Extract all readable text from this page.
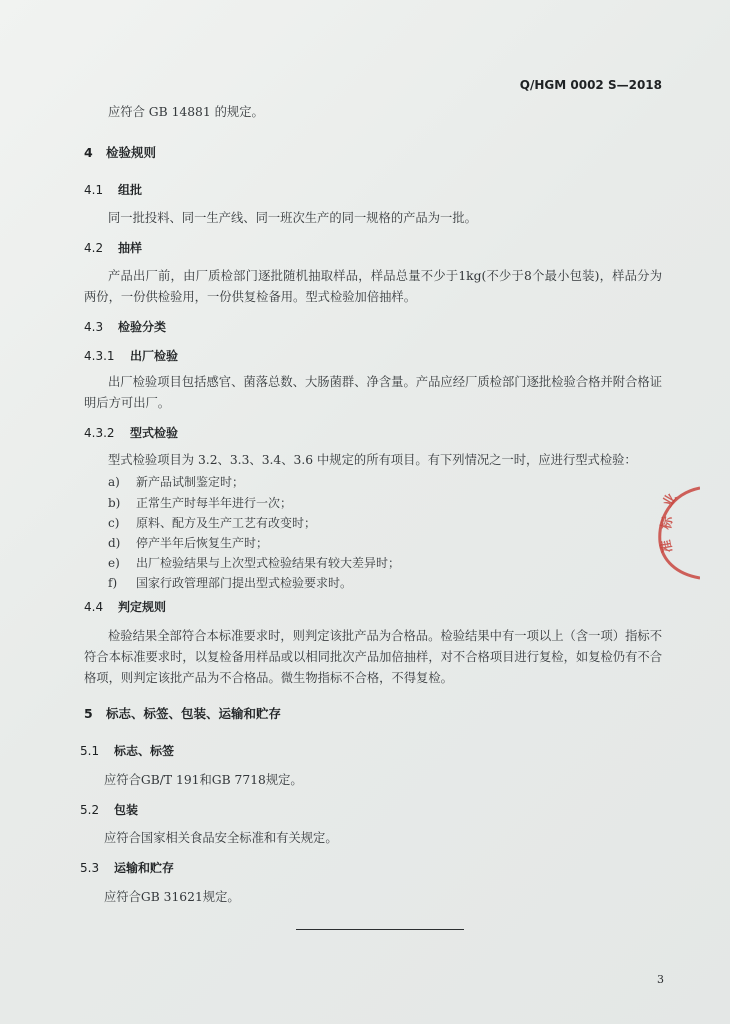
Q/HGM 0002 S—2018
应符合 GB 14881 的规定。
4 检验规则
4.1 组批
同一批投料、同一生产线、同一班次生产的同一规格的产品为一批。
4.2 抽样
产品出厂前，由厂质检部门逐批随机抽取样品，样品总量不少于1kg(不少于8个最小包装)，样品分为两份，一份供检验用，一份供复检备用。型式检验加倍抽样。
4.3 检验分类
4.3.1 出厂检验
出厂检验项目包括感官、菌落总数、大肠菌群、净含量。产品应经厂质检部门逐批检验合格并附合格证明后方可出厂。
4.3.2 型式检验
型式检验项目为 3.2、3.3、3.4、3.6 中规定的所有项目。有下列情况之一时，应进行型式检验：
a) 新产品试制鉴定时；
b) 正常生产时每半年进行一次；
c) 原料、配方及生产工艺有改变时；
d) 停产半年后恢复生产时；
e) 出厂检验结果与上次型式检验结果有较大差异时；
f) 国家行政管理部门提出型式检验要求时。
4.4 判定规则
检验结果全部符合本标准要求时，则判定该批产品为合格品。检验结果中有一项以上（含一项）指标不符合本标准要求时，以复检备用样品或以相同批次产品加倍抽样，对不合格项目进行复检，如复检仍有不合格项，则判定该批产品为不合格品。微生物指标不合格，不得复检。
5 标志、标签、包装、运输和贮存
5.1 标志、标签
应符合GB/T 191和GB 7718规定。
5.2 包装
应符合国家相关食品安全标准和有关规定。
5.3 运输和贮存
应符合GB 31621规定。
3
业
标
准
